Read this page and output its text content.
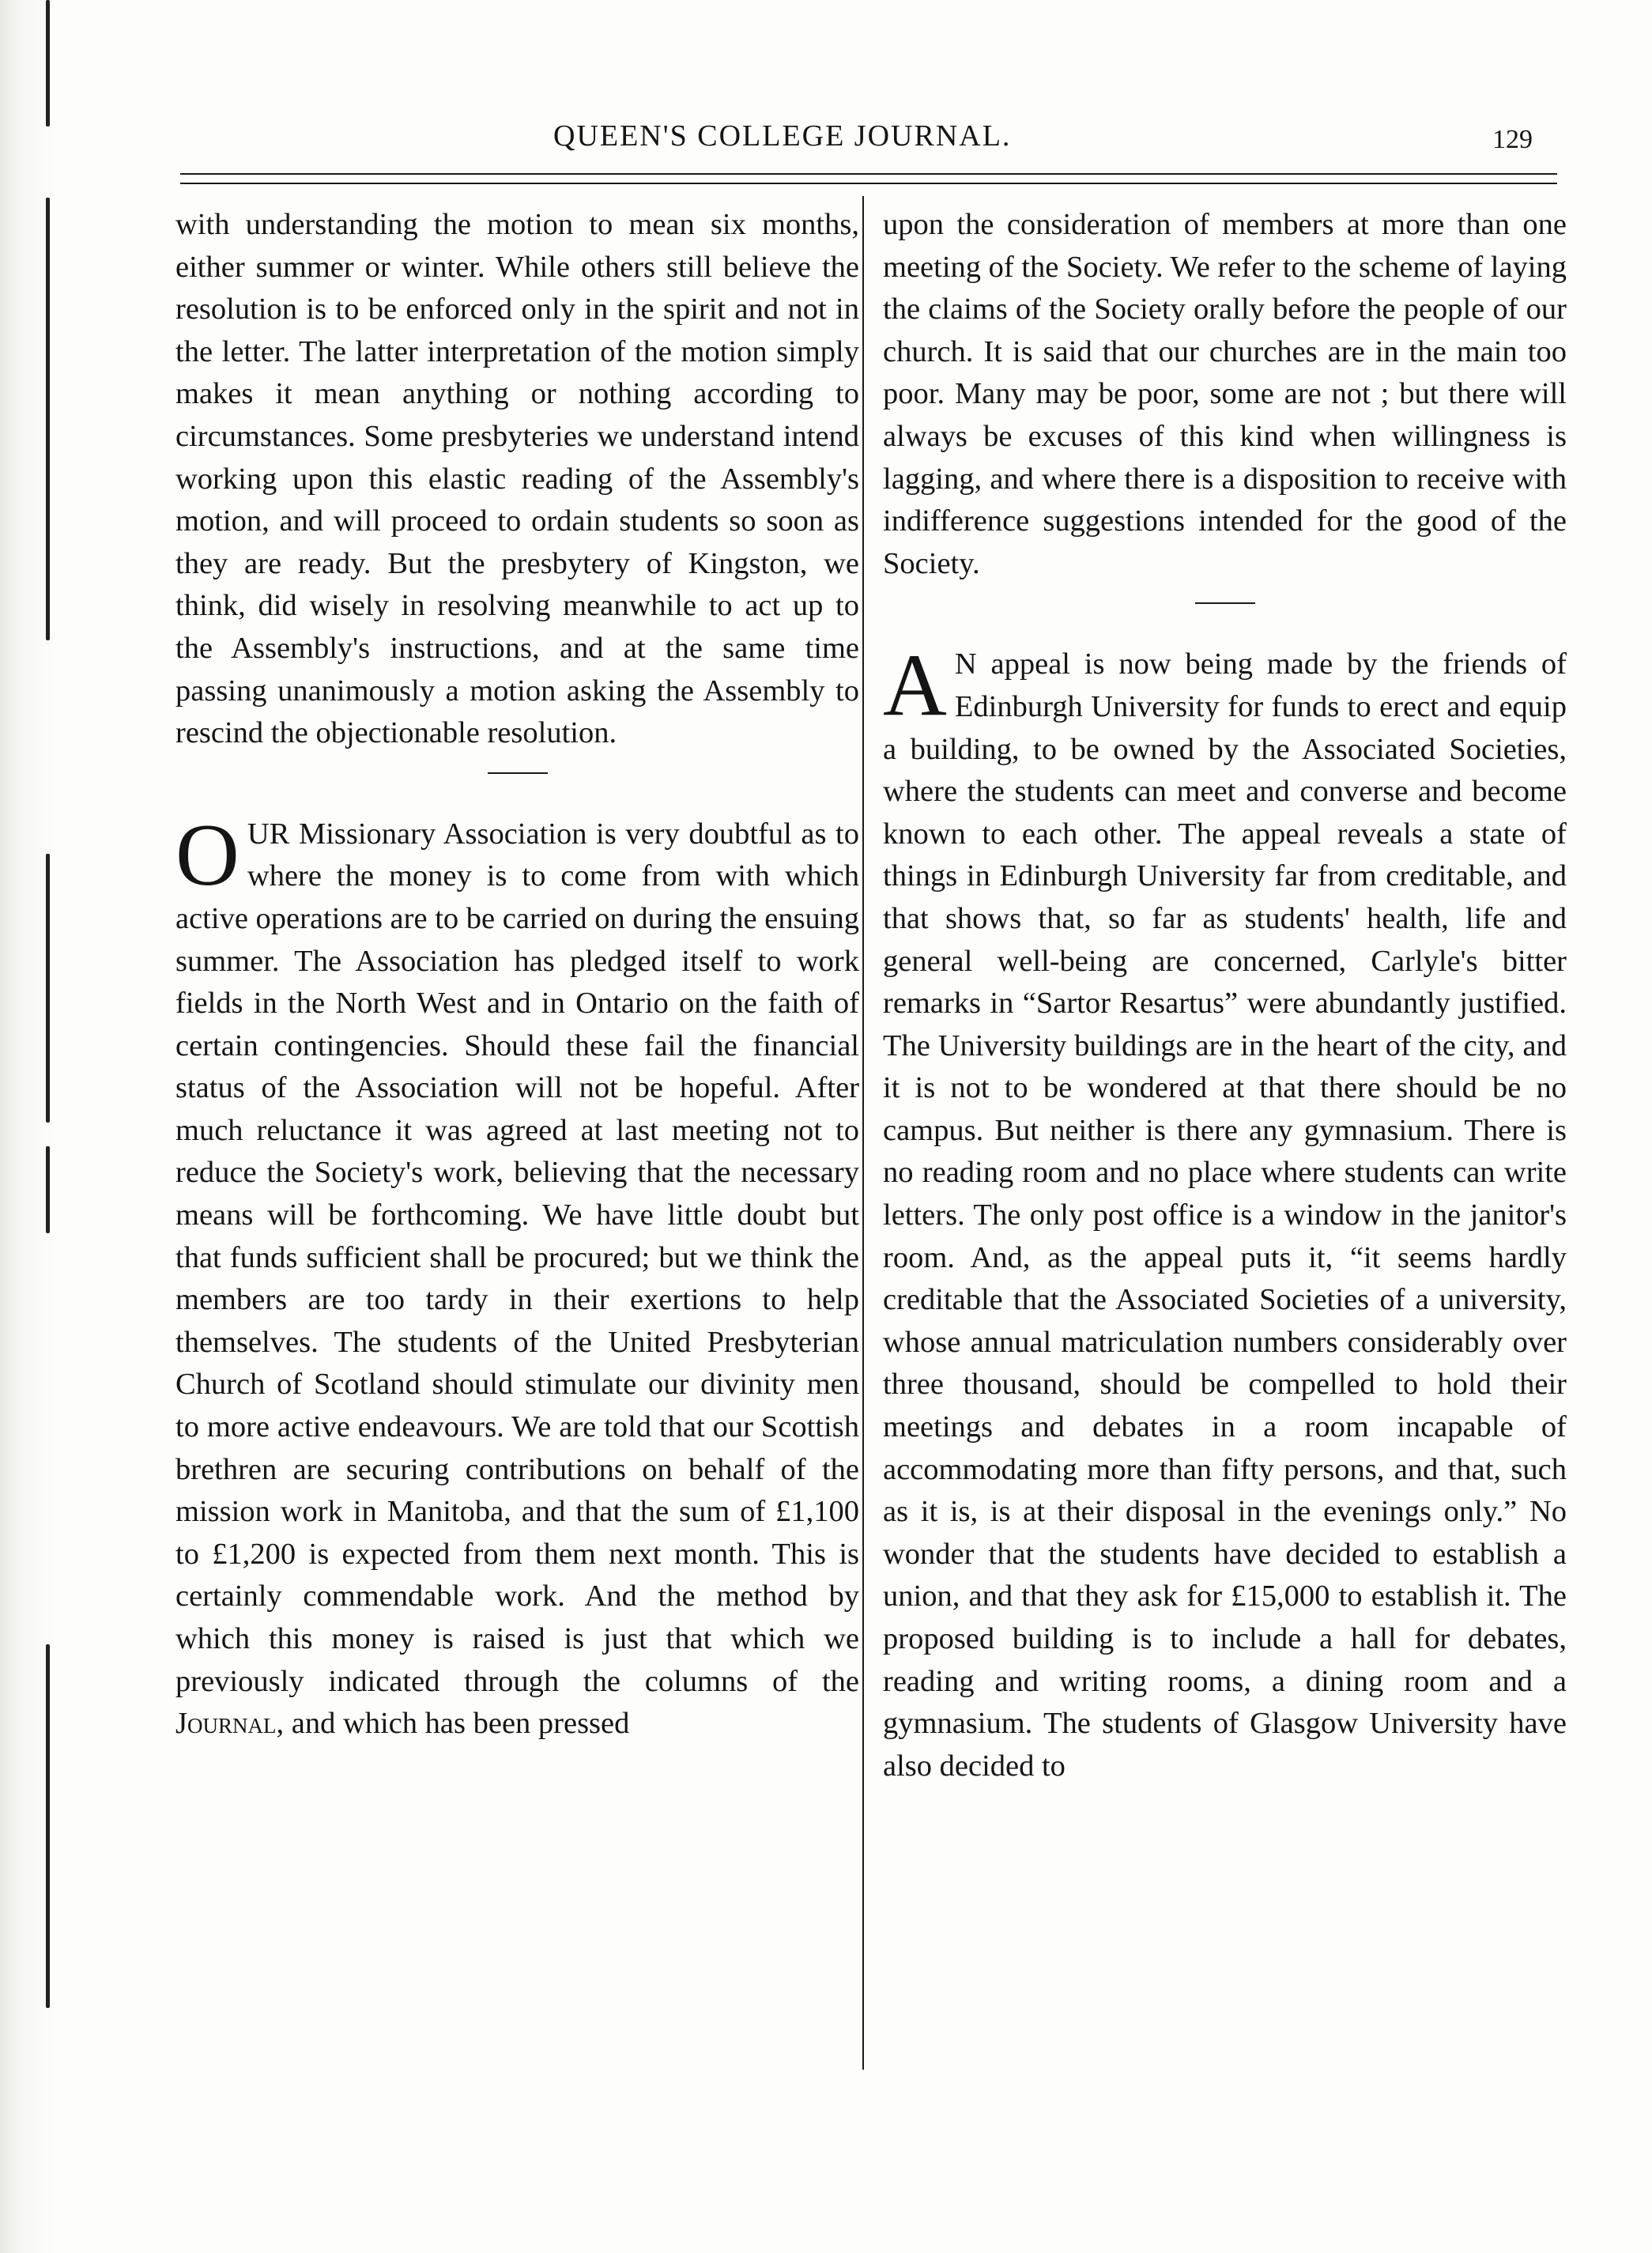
QUEEN'S COLLEGE JOURNAL.	129

with understanding the motion to mean six months, either summer or winter. While others still believe the resolution is to be enforced only in the spirit and not in the letter. The latter interpretation of the motion simply makes it mean anything or nothing according to circumstances. Some presbyteries we understand intend working upon this elastic reading of the Assembly's motion, and will proceed to ordain students so soon as they are ready. But the presbytery of Kingston, we think, did wisely in resolving meanwhile to act up to the Assembly's instructions, and at the same time passing unanimously a motion asking the Assembly to rescind the objectionable resolution.

OUR Missionary Association is very doubtful as to where the money is to come from with which active operations are to be carried on during the ensuing summer. The Association has pledged itself to work fields in the North West and in Ontario on the faith of certain contingencies. Should these fail the financial status of the Association will not be hopeful. After much reluctance it was agreed at last meeting not to reduce the Society's work, believing that the necessary means will be forthcoming. We have little doubt but that funds sufficient shall be procured; but we think the members are too tardy in their exertions to help themselves. The students of the United Presbyterian Church of Scotland should stimulate our divinity men to more active endeavours. We are told that our Scottish brethren are securing contributions on behalf of the mission work in Manitoba, and that the sum of £1,100 to £1,200 is expected from them next month. This is certainly commendable work. And the method by which this money is raised is just that which we previously indicated through the columns of the Journal, and which has been pressed

upon the consideration of members at more than one meeting of the Society. We refer to the scheme of laying the claims of the Society orally before the people of our church. It is said that our churches are in the main too poor. Many may be poor, some are not ; but there will always be excuses of this kind when willingness is lagging, and where there is a disposition to receive with indifference suggestions intended for the good of the Society.

A N appeal is now being made by the friends of Edinburgh University for funds to erect and equip a building, to be owned by the Associated Societies, where the students can meet and converse and become known to each other. The appeal reveals a state of things in Edinburgh University far from creditable, and that shows that, so far as students' health, life and general well-being are concerned, Carlyle's bitter remarks in “Sartor Resartus” were abundantly justified. The University buildings are in the heart of the city, and it is not to be wondered at that there should be no campus. But neither is there any gymnasium. There is no reading room and no place where students can write letters. The only post office is a window in the janitor's room. And, as the appeal puts it, “it seems hardly creditable that the Associated Societies of a university, whose annual matriculation numbers considerably over three thousand, should be compelled to hold their meetings and debates in a room incapable of accommodating more than fifty persons, and that, such as it is, is at their disposal in the evenings only.” No wonder that the students have decided to establish a union, and that they ask for £15,000 to establish it. The proposed building is to include a hall for debates, reading and writing rooms, a dining room and a gymnasium. The students of Glasgow University have also decided to
